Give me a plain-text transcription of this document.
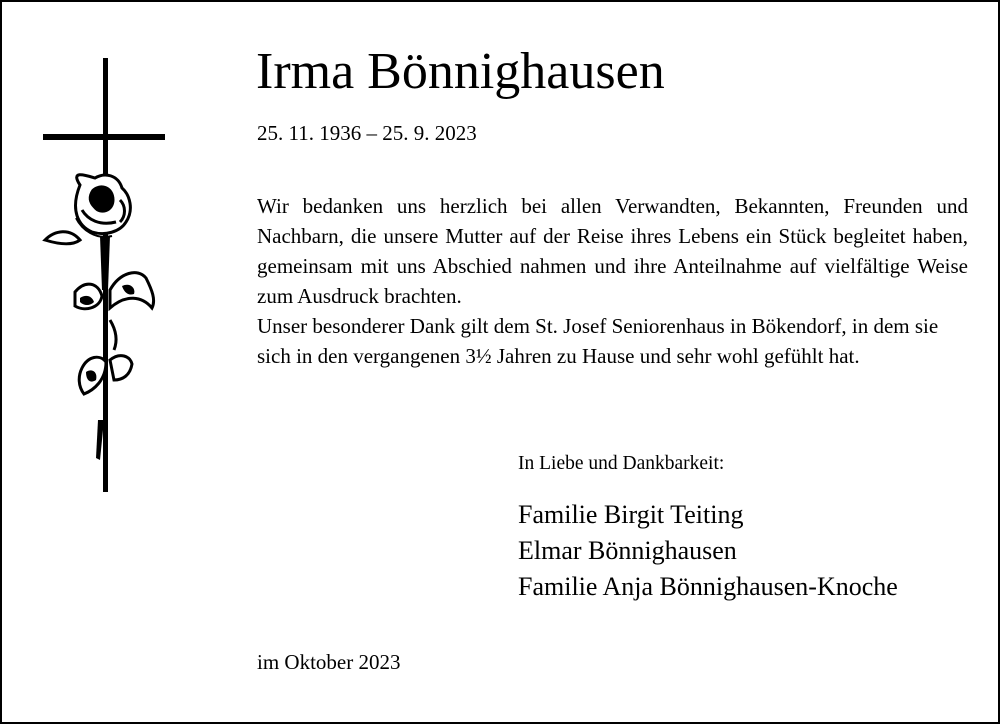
Irma Bönnighausen
25. 11. 1936 – 25. 9. 2023

Wir bedanken uns herzlich bei allen Verwandten, Bekannten, Freunden und Nachbarn, die unsere Mutter auf der Reise ihres Lebens ein Stück begleitet haben, gemeinsam mit uns Abschied nahmen und ihre Anteilnahme auf vielfältige Weise zum Ausdruck brachten.

Unser besonderer Dank gilt dem St. Josef Seniorenhaus in Bökendorf, in dem sie sich in den vergangenen 3½ Jahren zu Hause und sehr wohl gefühlt hat.

In Liebe und Dankbarkeit:
Familie Birgit Teiting
Elmar Bönnighausen
Familie Anja Bönnighausen-Knoche
im Oktober 2023
